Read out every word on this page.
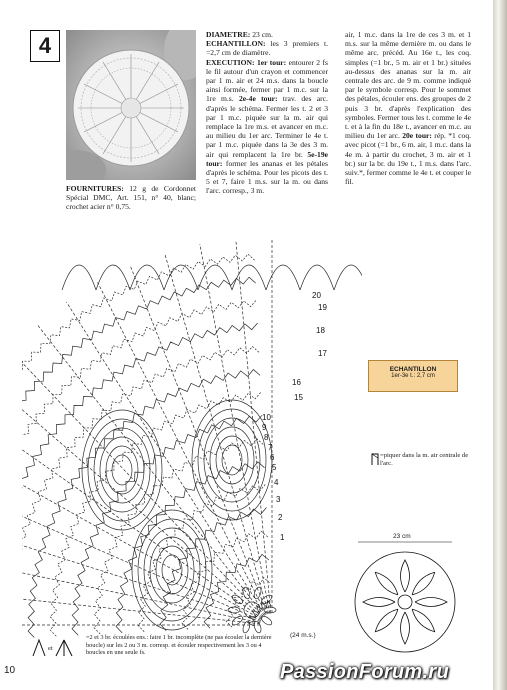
4
FOURNITURES: 12 g de Cordonnet Spécial DMC, Art. 151, n° 40, blanc; crochet acier n° 0,75.
DIAMETRE: 23 cm.
ECHANTILLON: les 3 premiers t. =2,7 cm de diamètre.
EXECUTION: 1er tour: entourer 2 fs le fil autour d'un crayon et commencer par 1 m. air et 24 m.s. dans la boucle ainsi formée, fermer par 1 m.c. sur la 1re m.s. 2e-4e tour: trav. des arc. d'après le schéma. Fermer les t. 2 et 3 par 1 m.c. piquée sur la m. air qui remplace la 1re m.s. et avancer en m.c. au milieu du 1er arc. Terminer le 4e t. par 1 m.c. piquée dans la 3e des 3 m. air qui remplacent la 1re br. 5e-19e tour: former les ananas et les pétales d'après le schéma. Pour les picots des t. 5 et 7, faire 1 m.s. sur la m. ou dans l'arc. corresp., 3 m.
air, 1 m.c. dans la 1re de ces 3 m. et 1 m.s. sur la même dernière m. ou dans le même arc. précéd. Au 16e t., les coq. simples (=1 br., 5 m. air et 1 br.) situées au-dessus des ananas sur la m. air centrale des arc. de 9 m. comme indiqué par le symbole corresp. Pour le sommet des pétales, écouler ens. des groupes de 2 puis 3 br. d'après l'explication des symboles. Fermer tous les t. comme le 4e t. et à la fin du 18e t., avancer en m.c. au milieu du 1er arc. 20e tour: rép. *1 coq. avec picot (=1 br., 6 m. air, 1 m.c. dans la 4e m. à partir du crochet, 3 m. air et 1 br.) sur la br. du 19e t., 1 m.s. dans l'arc. suiv.*, fermer comme le 4e t. et couper le fil.
20
19
18
17
16
15
10
9
8
7
6
5
4
3
2
1
(24 m.s.)
ECHANTILLON
1er-3e t.: 2,7 cm
=piquer dans la m. air centrale de l'arc.
23 cm
et
=2 et 3 br. écoulées ens.: faire 1 br. incomplète (ne pas écouler la dernière boucle) sur les 2 ou 3 m. corresp. et écouler respectivement les 3 ou 4 boucles en une seule fs.
10	PassionForum.ru
